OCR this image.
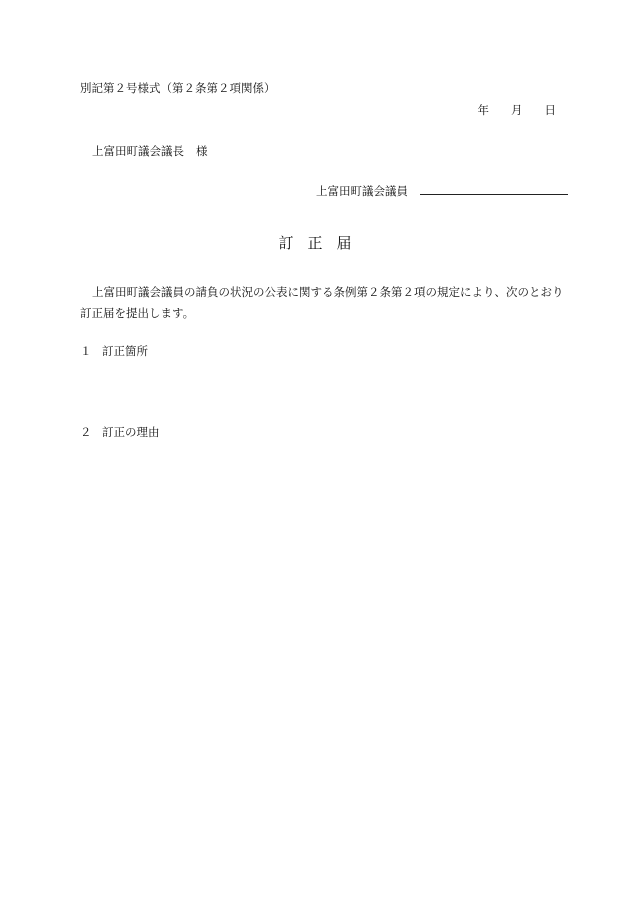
別記第２号様式（第２条第２項関係）
年 月 日
上富田町議会議長 様
上富田町議会議員
訂正届
上富田町議会議員の請負の状況の公表に関する条例第２条第２項の規定により、次のとおり訂正届を提出します。
１ 訂正箇所
２ 訂正の理由
